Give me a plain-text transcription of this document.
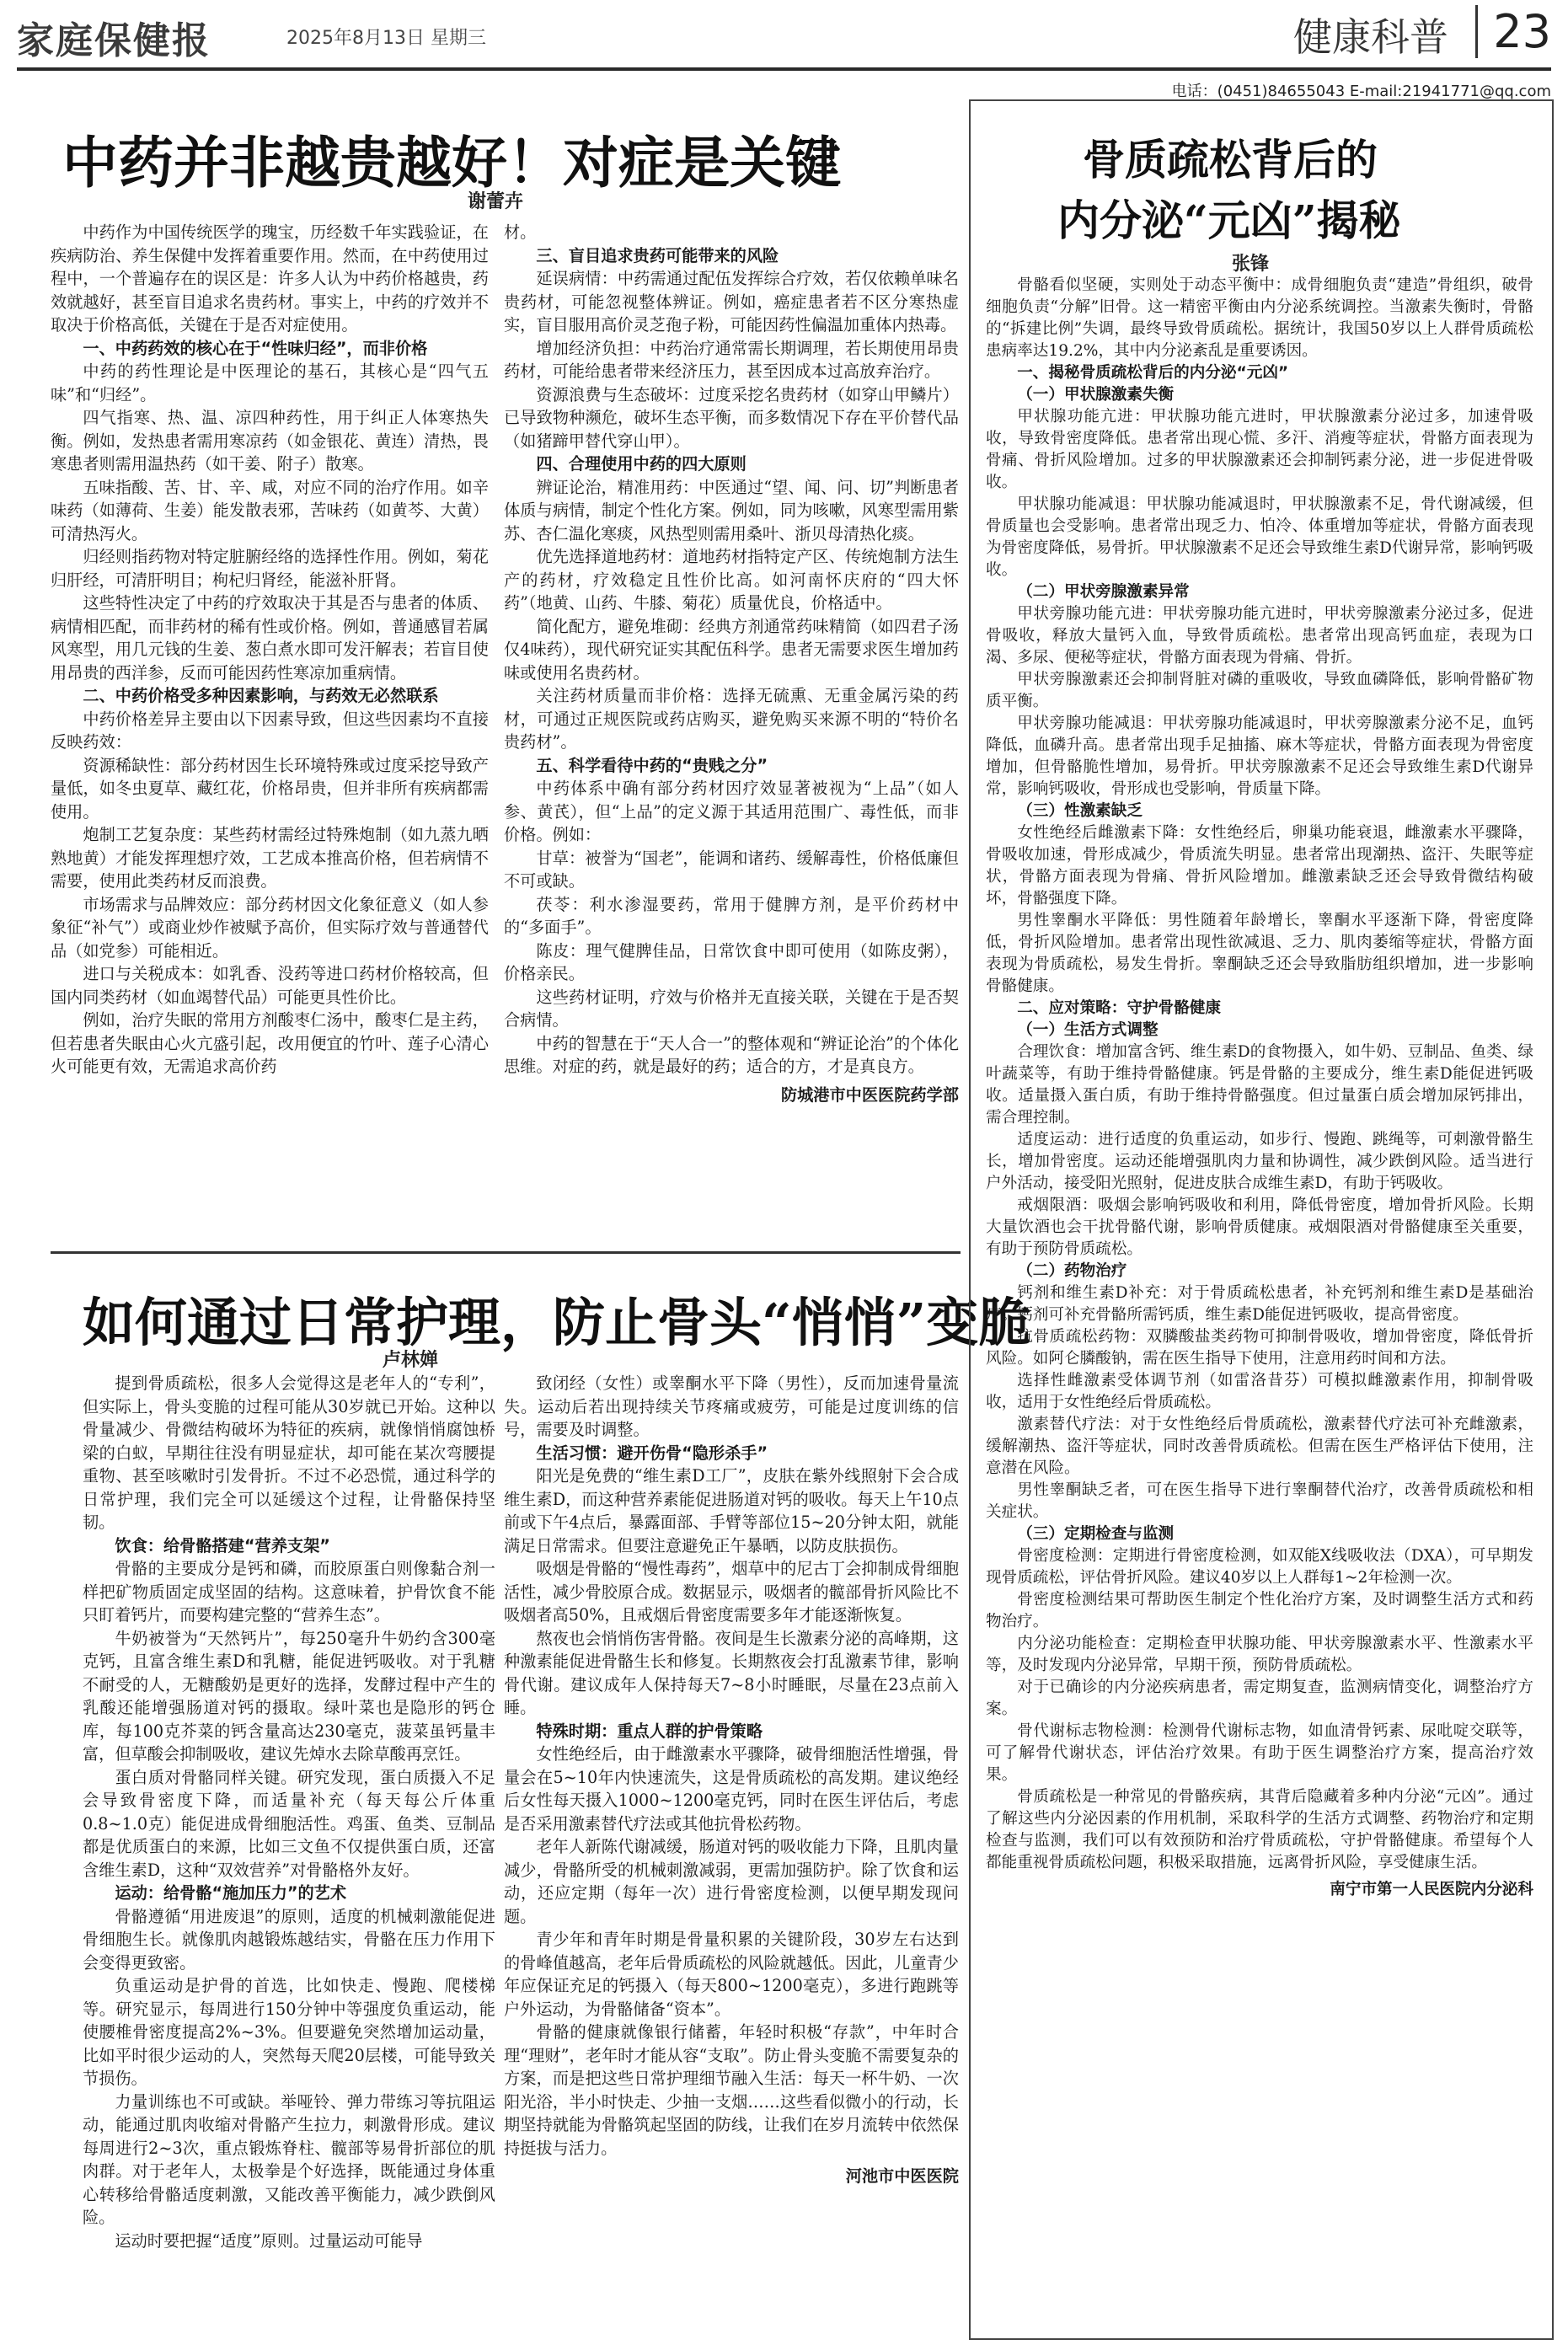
家庭保健报	2025年8月13日 星期三	健康科普 23
电话：(0451)84655043 E-mail:21941771@qq.com
中药并非越贵越好！对症是关键
谢蕾卉

中药作为中国传统医学的瑰宝，历经数千年实践验证，在疾病防治、养生保健中发挥着重要作用。然而，在中药使用过程中，一个普遍存在的误区是：许多人认为中药价格越贵，药效就越好，甚至盲目追求名贵药材。事实上，中药的疗效并不取决于价格高低，关键在于是否对症使用。

一、中药药效的核心在于“性味归经”，而非价格

中药的药性理论是中医理论的基石，其核心是“四气五味”和“归经”。

四气指寒、热、温、凉四种药性，用于纠正人体寒热失衡。例如，发热患者需用寒凉药（如金银花、黄连）清热，畏寒患者则需用温热药（如干姜、附子）散寒。

五味指酸、苦、甘、辛、咸，对应不同的治疗作用。如辛味药（如薄荷、生姜）能发散表邪，苦味药（如黄芩、大黄）可清热泻火。

归经则指药物对特定脏腑经络的选择性作用。例如，菊花归肝经，可清肝明目；枸杞归肾经，能滋补肝肾。

这些特性决定了中药的疗效取决于其是否与患者的体质、病情相匹配，而非药材的稀有性或价格。例如，普通感冒若属风寒型，用几元钱的生姜、葱白煮水即可发汗解表；若盲目使用昂贵的西洋参，反而可能因药性寒凉加重病情。

二、中药价格受多种因素影响，与药效无必然联系

中药价格差异主要由以下因素导致，但这些因素均不直接反映药效：

资源稀缺性：部分药材因生长环境特殊或过度采挖导致产量低，如冬虫夏草、藏红花，价格昂贵，但并非所有疾病都需使用。

炮制工艺复杂度：某些药材需经过特殊炮制（如九蒸九晒熟地黄）才能发挥理想疗效，工艺成本推高价格，但若病情不需要，使用此类药材反而浪费。

市场需求与品牌效应：部分药材因文化象征意义（如人参象征“补气”）或商业炒作被赋予高价，但实际疗效与普通替代品（如党参）可能相近。

进口与关税成本：如乳香、没药等进口药材价格较高，但国内同类药材（如血竭替代品）可能更具性价比。

例如，治疗失眠的常用方剂酸枣仁汤中，酸枣仁是主药，但若患者失眠由心火亢盛引起，改用便宜的竹叶、莲子心清心火可能更有效，无需追求高价药

材。

三、盲目追求贵药可能带来的风险

延误病情：中药需通过配伍发挥综合疗效，若仅依赖单味名贵药材，可能忽视整体辨证。例如，癌症患者若不区分寒热虚实，盲目服用高价灵芝孢子粉，可能因药性偏温加重体内热毒。

增加经济负担：中药治疗通常需长期调理，若长期使用昂贵药材，可能给患者带来经济压力，甚至因成本过高放弃治疗。

资源浪费与生态破坏：过度采挖名贵药材（如穿山甲鳞片）已导致物种濒危，破坏生态平衡，而多数情况下存在平价替代品（如猪蹄甲替代穿山甲）。

四、合理使用中药的四大原则

辨证论治，精准用药：中医通过“望、闻、问、切”判断患者体质与病情，制定个性化方案。例如，同为咳嗽，风寒型需用紫苏、杏仁温化寒痰，风热型则需用桑叶、浙贝母清热化痰。

优先选择道地药材：道地药材指特定产区、传统炮制方法生产的药材，疗效稳定且性价比高。如河南怀庆府的“四大怀药”（地黄、山药、牛膝、菊花）质量优良，价格适中。

简化配方，避免堆砌：经典方剂通常药味精简（如四君子汤仅4味药），现代研究证实其配伍科学。患者无需要求医生增加药味或使用名贵药材。

关注药材质量而非价格：选择无硫熏、无重金属污染的药材，可通过正规医院或药店购买，避免购买来源不明的“特价名贵药材”。

五、科学看待中药的“贵贱之分”

中药体系中确有部分药材因疗效显著被视为“上品”（如人参、黄芪），但“上品”的定义源于其适用范围广、毒性低，而非价格。例如：

甘草：被誉为“国老”，能调和诸药、缓解毒性，价格低廉但不可或缺。

茯苓：利水渗湿要药，常用于健脾方剂，是平价药材中的“多面手”。

陈皮：理气健脾佳品，日常饮食中即可使用（如陈皮粥），价格亲民。

这些药材证明，疗效与价格并无直接关联，关键在于是否契合病情。

中药的智慧在于“天人合一”的整体观和“辨证论治”的个体化思维。对症的药，就是最好的药；适合的方，才是真良方。

防城港市中医医院药学部

如何通过日常护理，防止骨头“悄悄”变脆
卢林婵

提到骨质疏松，很多人会觉得这是老年人的“专利”，但实际上，骨头变脆的过程可能从30岁就已开始。这种以骨量减少、骨微结构破坏为特征的疾病，就像悄悄腐蚀桥梁的白蚁，早期往往没有明显症状，却可能在某次弯腰提重物、甚至咳嗽时引发骨折。不过不必恐慌，通过科学的日常护理，我们完全可以延缓这个过程，让骨骼保持坚韧。

饮食：给骨骼搭建“营养支架”

骨骼的主要成分是钙和磷，而胶原蛋白则像黏合剂一样把矿物质固定成坚固的结构。这意味着，护骨饮食不能只盯着钙片，而要构建完整的“营养生态”。

牛奶被誉为“天然钙片”，每250毫升牛奶约含300毫克钙，且富含维生素D和乳糖，能促进钙吸收。对于乳糖不耐受的人，无糖酸奶是更好的选择，发酵过程中产生的乳酸还能增强肠道对钙的摄取。绿叶菜也是隐形的钙仓库，每100克芥菜的钙含量高达230毫克，菠菜虽钙量丰富，但草酸会抑制吸收，建议先焯水去除草酸再烹饪。

蛋白质对骨骼同样关键。研究发现，蛋白质摄入不足会导致骨密度下降，而适量补充（每天每公斤体重0.8~1.0克）能促进成骨细胞活性。鸡蛋、鱼类、豆制品都是优质蛋白的来源，比如三文鱼不仅提供蛋白质，还富含维生素D，这种“双效营养”对骨骼格外友好。

运动：给骨骼“施加压力”的艺术

骨骼遵循“用进废退”的原则，适度的机械刺激能促进骨细胞生长。就像肌肉越锻炼越结实，骨骼在压力作用下会变得更致密。

负重运动是护骨的首选，比如快走、慢跑、爬楼梯等。研究显示，每周进行150分钟中等强度负重运动，能使腰椎骨密度提高2%~3%。但要避免突然增加运动量，比如平时很少运动的人，突然每天爬20层楼，可能导致关节损伤。

力量训练也不可或缺。举哑铃、弹力带练习等抗阻运动，能通过肌肉收缩对骨骼产生拉力，刺激骨形成。建议每周进行2~3次，重点锻炼脊柱、髋部等易骨折部位的肌肉群。对于老年人，太极拳是个好选择，既能通过身体重心转移给骨骼适度刺激，又能改善平衡能力，减少跌倒风险。

运动时要把握“适度”原则。过量运动可能导

致闭经（女性）或睾酮水平下降（男性），反而加速骨量流失。运动后若出现持续关节疼痛或疲劳，可能是过度训练的信号，需要及时调整。

生活习惯：避开伤骨“隐形杀手”

阳光是免费的“维生素D工厂”，皮肤在紫外线照射下会合成维生素D，而这种营养素能促进肠道对钙的吸收。每天上午10点前或下午4点后，暴露面部、手臂等部位15~20分钟太阳，就能满足日常需求。但要注意避免正午暴晒，以防皮肤损伤。

吸烟是骨骼的“慢性毒药”，烟草中的尼古丁会抑制成骨细胞活性，减少骨胶原合成。数据显示，吸烟者的髋部骨折风险比不吸烟者高50%，且戒烟后骨密度需要多年才能逐渐恢复。

熬夜也会悄悄伤害骨骼。夜间是生长激素分泌的高峰期，这种激素能促进骨骼生长和修复。长期熬夜会打乱激素节律，影响骨代谢。建议成年人保持每天7~8小时睡眠，尽量在23点前入睡。

特殊时期：重点人群的护骨策略

女性绝经后，由于雌激素水平骤降，破骨细胞活性增强，骨量会在5~10年内快速流失，这是骨质疏松的高发期。建议绝经后女性每天摄入1000~1200毫克钙，同时在医生评估后，考虑是否采用激素替代疗法或其他抗骨松药物。

老年人新陈代谢减缓，肠道对钙的吸收能力下降，且肌肉量减少，骨骼所受的机械刺激减弱，更需加强防护。除了饮食和运动，还应定期（每年一次）进行骨密度检测，以便早期发现问题。

青少年和青年时期是骨量积累的关键阶段，30岁左右达到的骨峰值越高，老年后骨质疏松的风险就越低。因此，儿童青少年应保证充足的钙摄入（每天800~1200毫克），多进行跑跳等户外运动，为骨骼储备“资本”。

骨骼的健康就像银行储蓄，年轻时积极“存款”，中年时合理“理财”，老年时才能从容“支取”。防止骨头变脆不需要复杂的方案，而是把这些日常护理细节融入生活：每天一杯牛奶、一次阳光浴，半小时快走、少抽一支烟……这些看似微小的行动，长期坚持就能为骨骼筑起坚固的防线，让我们在岁月流转中依然保持挺拔与活力。

河池市中医医院

骨质疏松背后的
内分泌“元凶”揭秘
张锋

骨骼看似坚硬，实则处于动态平衡中：成骨细胞负责“建造”骨组织，破骨细胞负责“分解”旧骨。这一精密平衡由内分泌系统调控。当激素失衡时，骨骼的“拆建比例”失调，最终导致骨质疏松。据统计，我国50岁以上人群骨质疏松患病率达19.2%，其中内分泌紊乱是重要诱因。

一、揭秘骨质疏松背后的内分泌“元凶”

（一）甲状腺激素失衡

甲状腺功能亢进：甲状腺功能亢进时，甲状腺激素分泌过多，加速骨吸收，导致骨密度降低。患者常出现心慌、多汗、消瘦等症状，骨骼方面表现为骨痛、骨折风险增加。过多的甲状腺激素还会抑制钙素分泌，进一步促进骨吸收。

甲状腺功能减退：甲状腺功能减退时，甲状腺激素不足，骨代谢减缓，但骨质量也会受影响。患者常出现乏力、怕冷、体重增加等症状，骨骼方面表现为骨密度降低，易骨折。甲状腺激素不足还会导致维生素D代谢异常，影响钙吸收。

（二）甲状旁腺激素异常

甲状旁腺功能亢进：甲状旁腺功能亢进时，甲状旁腺激素分泌过多，促进骨吸收，释放大量钙入血，导致骨质疏松。患者常出现高钙血症，表现为口渴、多尿、便秘等症状，骨骼方面表现为骨痛、骨折。

甲状旁腺激素还会抑制肾脏对磷的重吸收，导致血磷降低，影响骨骼矿物质平衡。

甲状旁腺功能减退：甲状旁腺功能减退时，甲状旁腺激素分泌不足，血钙降低，血磷升高。患者常出现手足抽搐、麻木等症状，骨骼方面表现为骨密度增加，但骨骼脆性增加，易骨折。甲状旁腺激素不足还会导致维生素D代谢异常，影响钙吸收，骨形成也受影响，骨质量下降。

（三）性激素缺乏

女性绝经后雌激素下降：女性绝经后，卵巢功能衰退，雌激素水平骤降，骨吸收加速，骨形成减少，骨质流失明显。患者常出现潮热、盗汗、失眠等症状，骨骼方面表现为骨痛、骨折风险增加。雌激素缺乏还会导致骨微结构破坏，骨骼强度下降。

男性睾酮水平降低：男性随着年龄增长，睾酮水平逐渐下降，骨密度降低，骨折风险增加。患者常出现性欲减退、乏力、肌肉萎缩等症状，骨骼方面表现为骨质疏松，易发生骨折。睾酮缺乏还会导致脂肪组织增加，进一步影响骨骼健康。

二、应对策略：守护骨骼健康

（一）生活方式调整

合理饮食：增加富含钙、维生素D的食物摄入，如牛奶、豆制品、鱼类、绿叶蔬菜等，有助于维持骨骼健康。钙是骨骼的主要成分，维生素D能促进钙吸收。适量摄入蛋白质，有助于维持骨骼强度。但过量蛋白质会增加尿钙排出，需合理控制。

适度运动：进行适度的负重运动，如步行、慢跑、跳绳等，可刺激骨骼生长，增加骨密度。运动还能增强肌肉力量和协调性，减少跌倒风险。适当进行户外活动，接受阳光照射，促进皮肤合成维生素D，有助于钙吸收。

戒烟限酒：吸烟会影响钙吸收和利用，降低骨密度，增加骨折风险。长期大量饮酒也会干扰骨骼代谢，影响骨质健康。戒烟限酒对骨骼健康至关重要，有助于预防骨质疏松。

（二）药物治疗

钙剂和维生素D补充：对于骨质疏松患者，补充钙剂和维生素D是基础治疗。钙剂可补充骨骼所需钙质，维生素D能促进钙吸收，提高骨密度。

抗骨质疏松药物：双膦酸盐类药物可抑制骨吸收，增加骨密度，降低骨折风险。如阿仑膦酸钠，需在医生指导下使用，注意用药时间和方法。

选择性雌激素受体调节剂（如雷洛昔芬）可模拟雌激素作用，抑制骨吸收，适用于女性绝经后骨质疏松。

激素替代疗法：对于女性绝经后骨质疏松，激素替代疗法可补充雌激素，缓解潮热、盗汗等症状，同时改善骨质疏松。但需在医生严格评估下使用，注意潜在风险。

男性睾酮缺乏者，可在医生指导下进行睾酮替代治疗，改善骨质疏松和相关症状。

（三）定期检查与监测

骨密度检测：定期进行骨密度检测，如双能X线吸收法（DXA），可早期发现骨质疏松，评估骨折风险。建议40岁以上人群每1~2年检测一次。

骨密度检测结果可帮助医生制定个性化治疗方案，及时调整生活方式和药物治疗。

内分泌功能检查：定期检查甲状腺功能、甲状旁腺激素水平、性激素水平等，及时发现内分泌异常，早期干预，预防骨质疏松。

对于已确诊的内分泌疾病患者，需定期复查，监测病情变化，调整治疗方案。

骨代谢标志物检测：检测骨代谢标志物，如血清骨钙素、尿吡啶交联等，可了解骨代谢状态，评估治疗效果。有助于医生调整治疗方案，提高治疗效果。

骨质疏松是一种常见的骨骼疾病，其背后隐藏着多种内分泌“元凶”。通过了解这些内分泌因素的作用机制，采取科学的生活方式调整、药物治疗和定期检查与监测，我们可以有效预防和治疗骨质疏松，守护骨骼健康。希望每个人都能重视骨质疏松问题，积极采取措施，远离骨折风险，享受健康生活。

南宁市第一人民医院内分泌科
